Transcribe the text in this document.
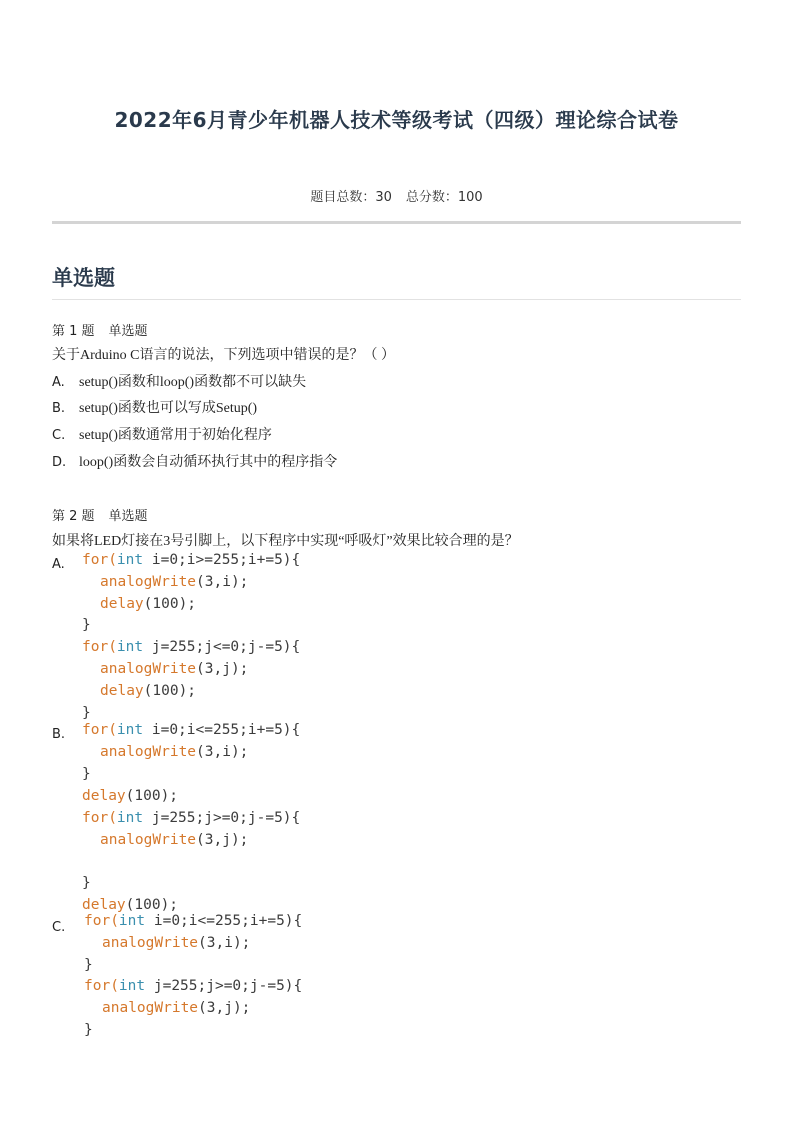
2022年6月青少年机器人技术等级考试（四级）理论综合试卷
题目总数：30 总分数：100
单选题
第 1 题 单选题
关于Arduino C语言的说法，下列选项中错误的是？（ ）
A. setup()函数和loop()函数都不可以缺失
B. setup()函数也可以写成Setup()
C. setup()函数通常用于初始化程序
D. loop()函数会自动循环执行其中的程序指令
第 2 题 单选题
如果将LED灯接在3号引脚上，以下程序中实现“呼吸灯”效果比较合理的是？
A.	for(int i=0;i>=255;i+=5){
analogWrite(3,i);
delay(100);
}
for(int j=255;j<=0;j-=5){
analogWrite(3,j);
delay(100);
}
B.	for(int i=0;i<=255;i+=5){
analogWrite(3,i);
}
delay(100);
for(int j=255;j>=0;j-=5){
analogWrite(3,j);
}
delay(100);
C.	for(int i=0;i<=255;i+=5){
analogWrite(3,i);
}
for(int j=255;j>=0;j-=5){
analogWrite(3,j);
}
